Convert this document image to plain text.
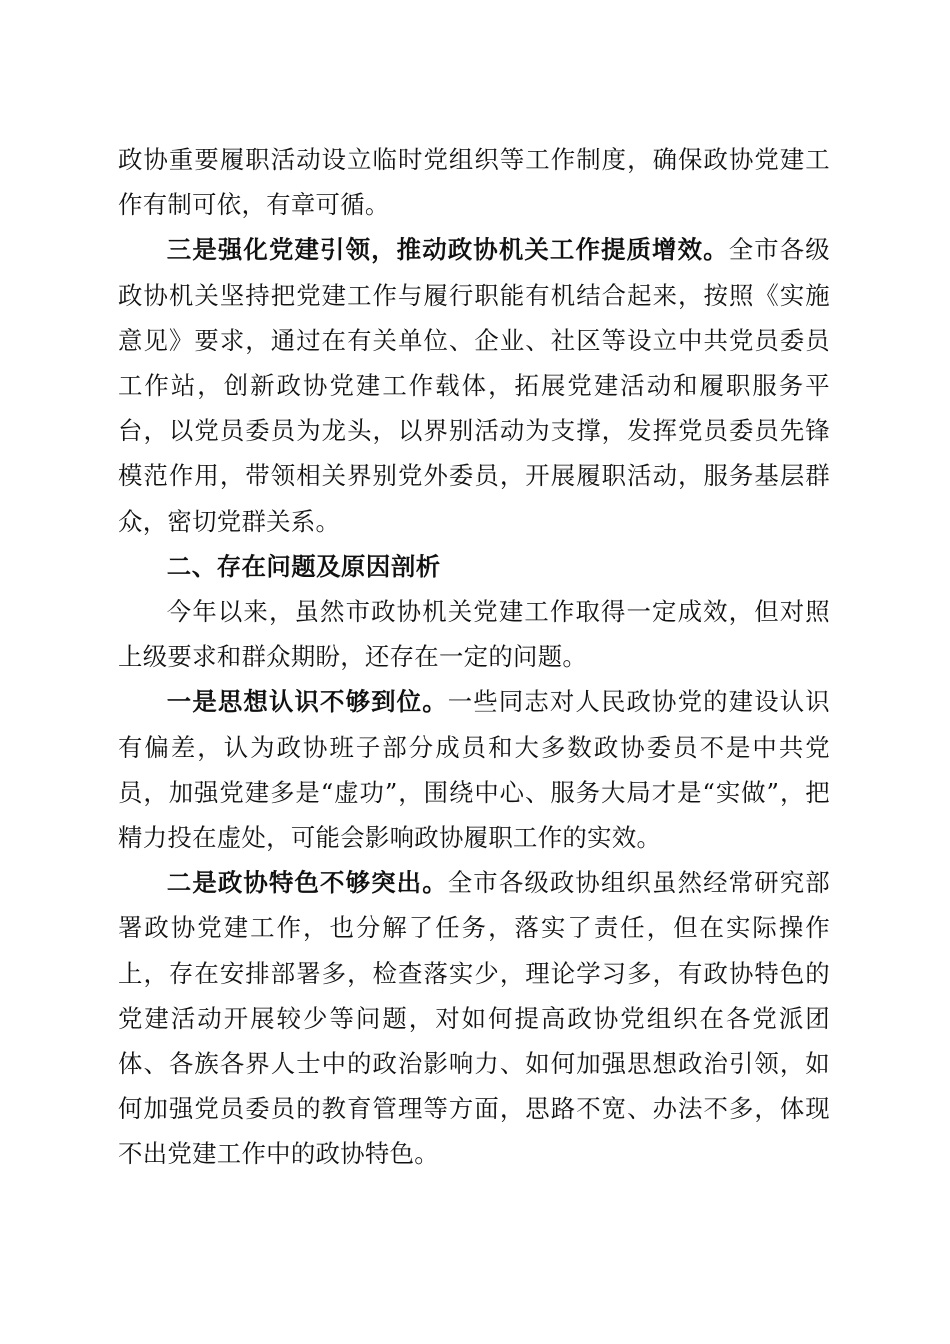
政协重要履职活动设立临时党组织等工作制度，确保政协党建工作有制可依，有章可循。

三是强化党建引领，推动政协机关工作提质增效。全市各级政协机关坚持把党建工作与履行职能有机结合起来，按照《实施意见》要求，通过在有关单位、企业、社区等设立中共党员委员工作站，创新政协党建工作载体，拓展党建活动和履职服务平台，以党员委员为龙头，以界别活动为支撑，发挥党员委员先锋模范作用，带领相关界别党外委员，开展履职活动，服务基层群众，密切党群关系。

二、存在问题及原因剖析

今年以来，虽然市政协机关党建工作取得一定成效，但对照上级要求和群众期盼，还存在一定的问题。

一是思想认识不够到位。一些同志对人民政协党的建设认识有偏差，认为政协班子部分成员和大多数政协委员不是中共党员，加强党建多是“虚功”，围绕中心、服务大局才是“实做”，把精力投在虚处，可能会影响政协履职工作的实效。

二是政协特色不够突出。全市各级政协组织虽然经常研究部署政协党建工作，也分解了任务，落实了责任，但在实际操作上，存在安排部署多，检查落实少，理论学习多，有政协特色的党建活动开展较少等问题，对如何提高政协党组织在各党派团体、各族各界人士中的政治影响力、如何加强思想政治引领，如何加强党员委员的教育管理等方面，思路不宽、办法不多，体现不出党建工作中的政协特色。
